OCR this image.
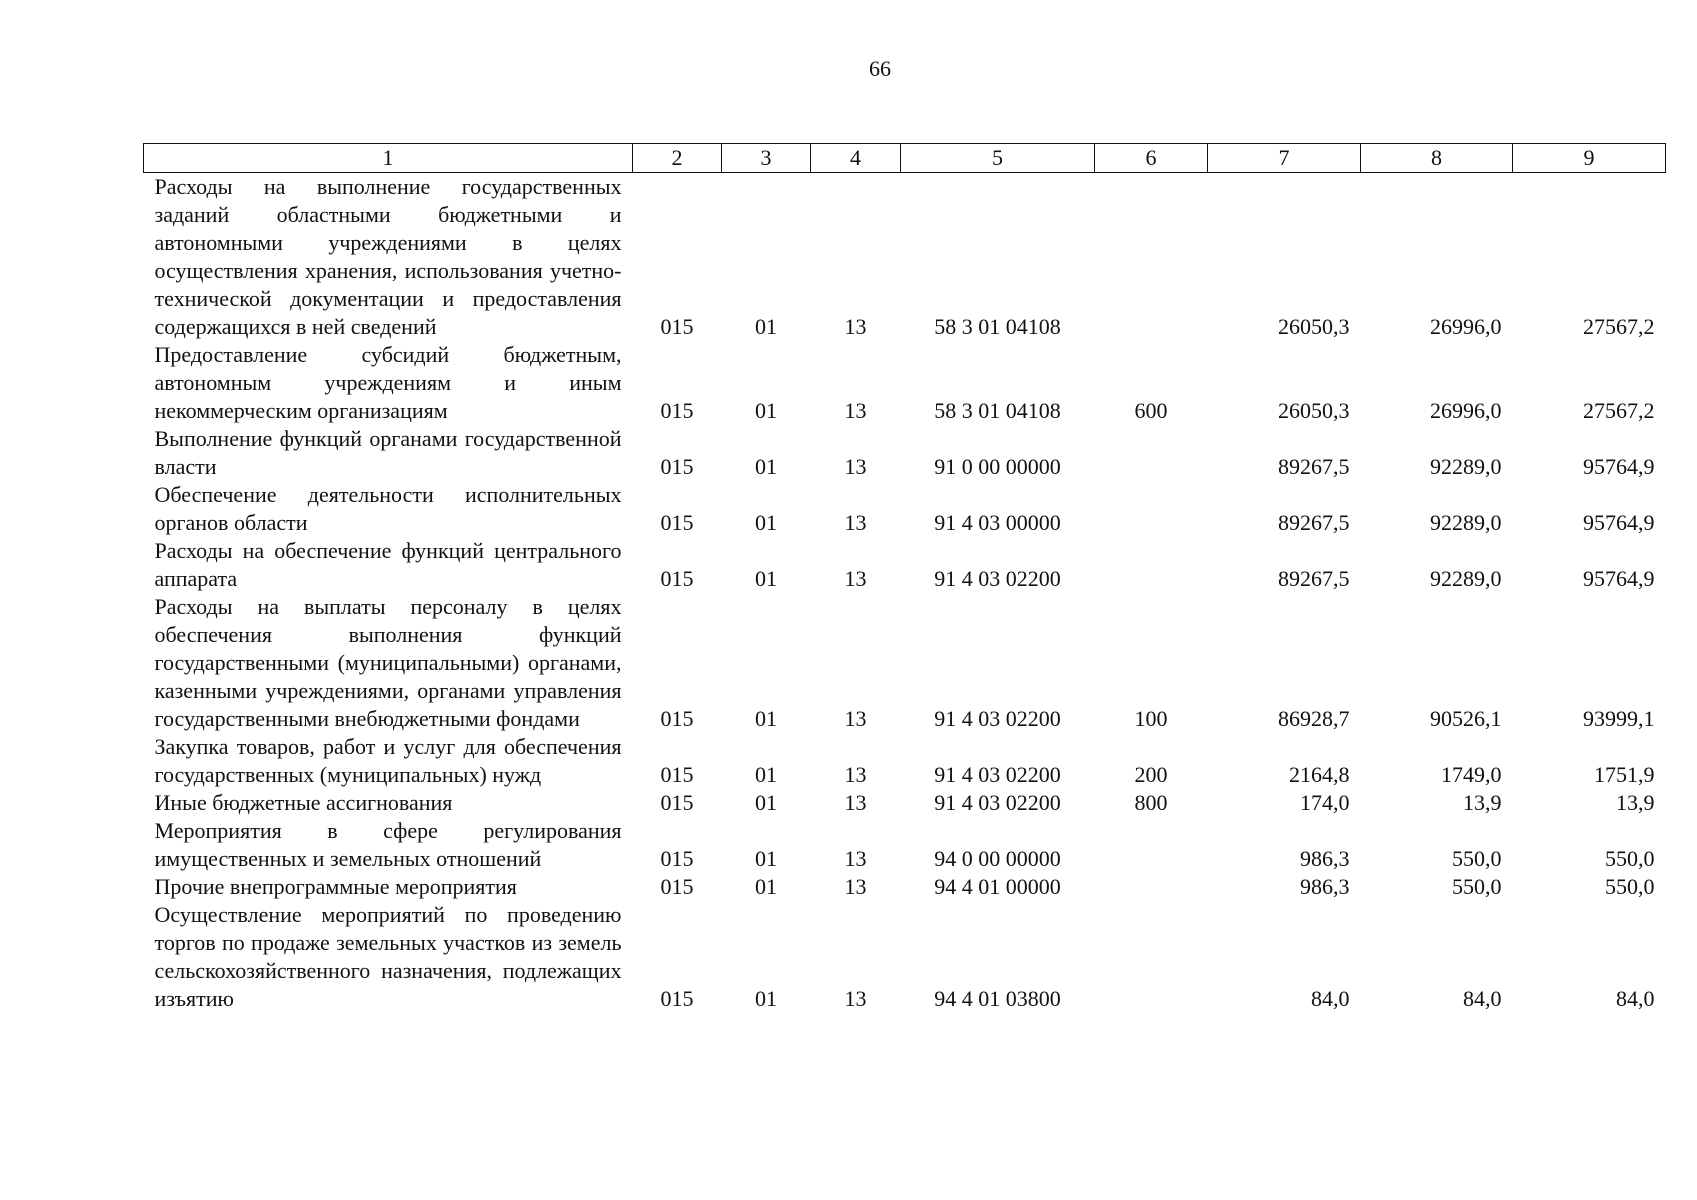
66
1	2	3	4	5	6	7	8	9
Расходы на выполнение государственных заданий областными бюджетными и автономными учреждениями в целях осуществления хранения, использования учетно-технической документации и предоставления содержащихся в ней сведений	015	01	13	58 3 01 04108		26050,3	26996,0	27567,2
Предоставление субсидий бюджетным, автономным учреждениям и иным некоммерческим организациям	015	01	13	58 3 01 04108	600	26050,3	26996,0	27567,2
Выполнение функций органами государственной власти	015	01	13	91 0 00 00000		89267,5	92289,0	95764,9
Обеспечение деятельности исполнительных органов области	015	01	13	91 4 03 00000		89267,5	92289,0	95764,9
Расходы на обеспечение функций центрального аппарата	015	01	13	91 4 03 02200		89267,5	92289,0	95764,9
Расходы на выплаты персоналу в целях обеспечения выполнения функций государственными (муниципальными) органами, казенными учреждениями, органами управления государственными внебюджетными фондами	015	01	13	91 4 03 02200	100	86928,7	90526,1	93999,1
Закупка товаров, работ и услуг для обеспечения государственных (муниципальных) нужд	015	01	13	91 4 03 02200	200	2164,8	1749,0	1751,9
Иные бюджетные ассигнования	015	01	13	91 4 03 02200	800	174,0	13,9	13,9
Мероприятия в сфере регулирования имущественных и земельных отношений	015	01	13	94 0 00 00000		986,3	550,0	550,0
Прочие внепрограммные мероприятия	015	01	13	94 4 01 00000		986,3	550,0	550,0
Осуществление мероприятий по проведению торгов по продаже земельных участков из земель сельскохозяйственного назначения, подлежащих изъятию	015	01	13	94 4 01 03800		84,0	84,0	84,0
